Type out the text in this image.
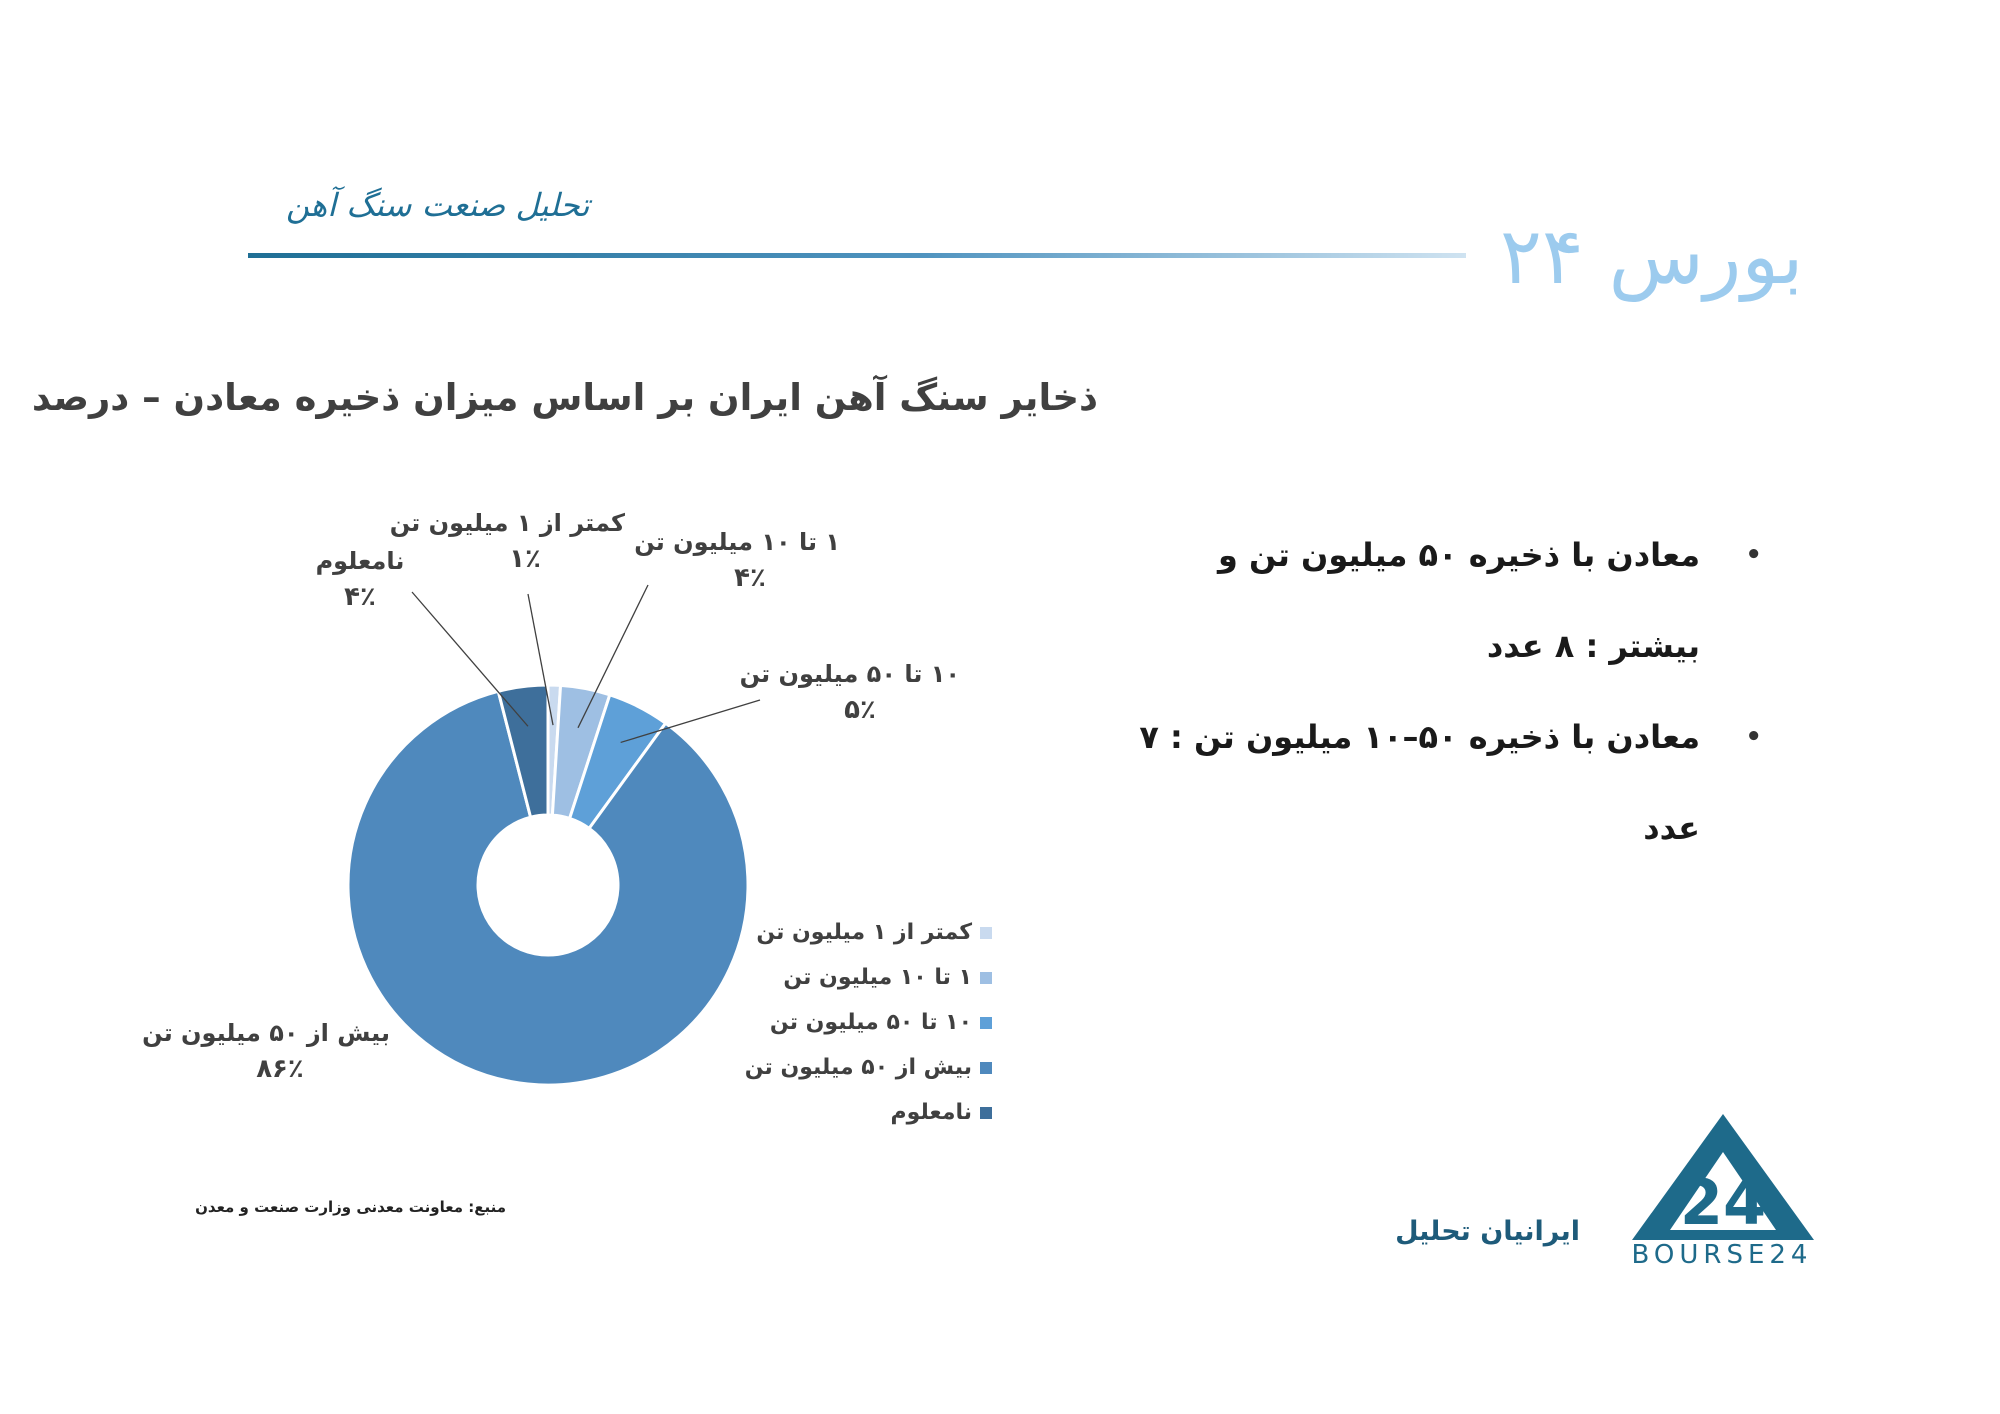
تحلیل صنعت سنگ آهن
بورس ۲۴
ذخایر سنگ آهن ایران بر اساس میزان ذخیره معادن – درصد
کمتر از ۱ میلیون تن
۱٪
۱ تا ۱۰ میلیون تن
۴٪
۱۰ تا ۵۰ میلیون تن
۵٪
بیش از ۵۰ میلیون تن
۸۶٪
نامعلوم
۴٪
کمتر از ۱ میلیون تن
۱ تا ۱۰ میلیون تن
۱۰ تا ۵۰ میلیون تن
بیش از ۵۰ میلیون تن
نامعلوم
•
معادن با ذخیره ۵۰ میلیون تن و بیشتر : ۸ عدد
•
معادن با ذخیره ۵۰–۱۰ میلیون تن : ۷ عدد
منبع: معاونت معدنی وزارت صنعت و معدن
ایرانیان تحلیل 24
BOURSE24
